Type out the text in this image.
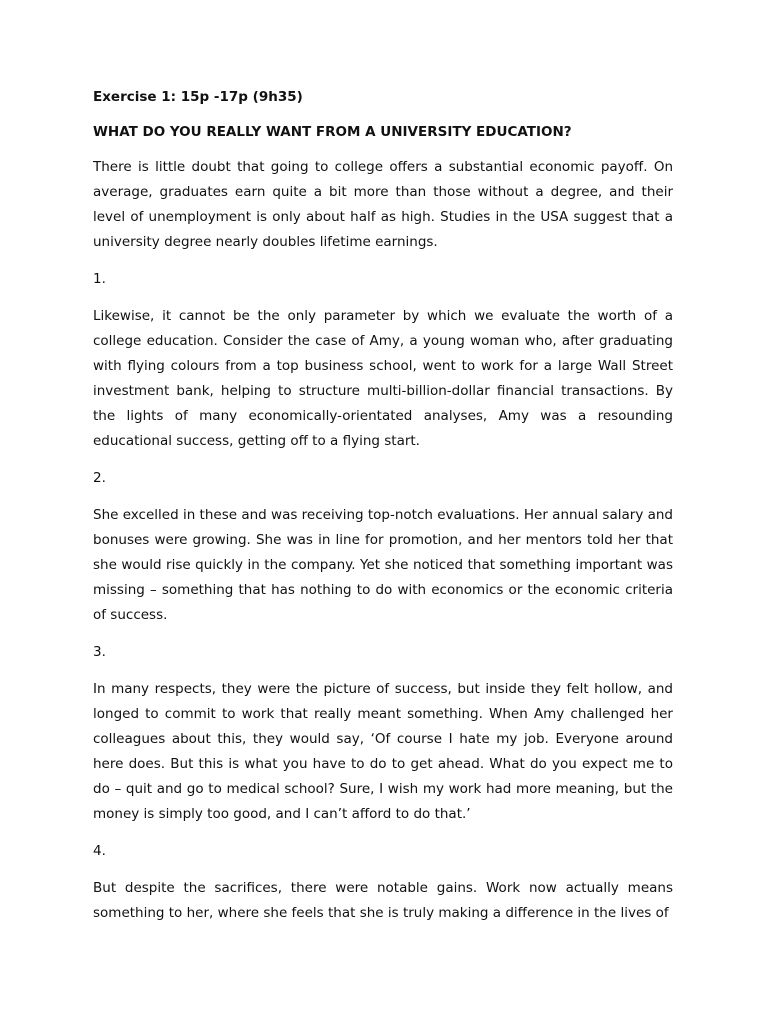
Exercise 1: 15p -17p (9h35)

WHAT DO YOU REALLY WANT FROM A UNIVERSITY EDUCATION?

There is little doubt that going to college offers a substantial economic payoff. On average, graduates earn quite a bit more than those without a degree, and their level of unemployment is only about half as high. Studies in the USA suggest that a university degree nearly doubles lifetime earnings.

1.

Likewise, it cannot be the only parameter by which we evaluate the worth of a college education. Consider the case of Amy, a young woman who, after graduating with flying colours from a top business school, went to work for a large Wall Street investment bank, helping to structure multi-billion-dollar financial transactions. By the lights of many economically-orientated analyses, Amy was a resounding educational success, getting off to a flying start.

2.

She excelled in these and was receiving top-notch evaluations. Her annual salary and bonuses were growing. She was in line for promotion, and her mentors told her that she would rise quickly in the company. Yet she noticed that something important was missing – something that has nothing to do with economics or the economic criteria of success.

3.

In many respects, they were the picture of success, but inside they felt hollow, and longed to commit to work that really meant something. When Amy challenged her colleagues about this, they would say, ‘Of course I hate my job. Everyone around here does. But this is what you have to do to get ahead. What do you expect me to do – quit and go to medical school? Sure, I wish my work had more meaning, but the money is simply too good, and I can’t afford to do that.’

4.

But despite the sacrifices, there were notable gains. Work now actually means something to her, where she feels that she is truly making a difference in the lives of
